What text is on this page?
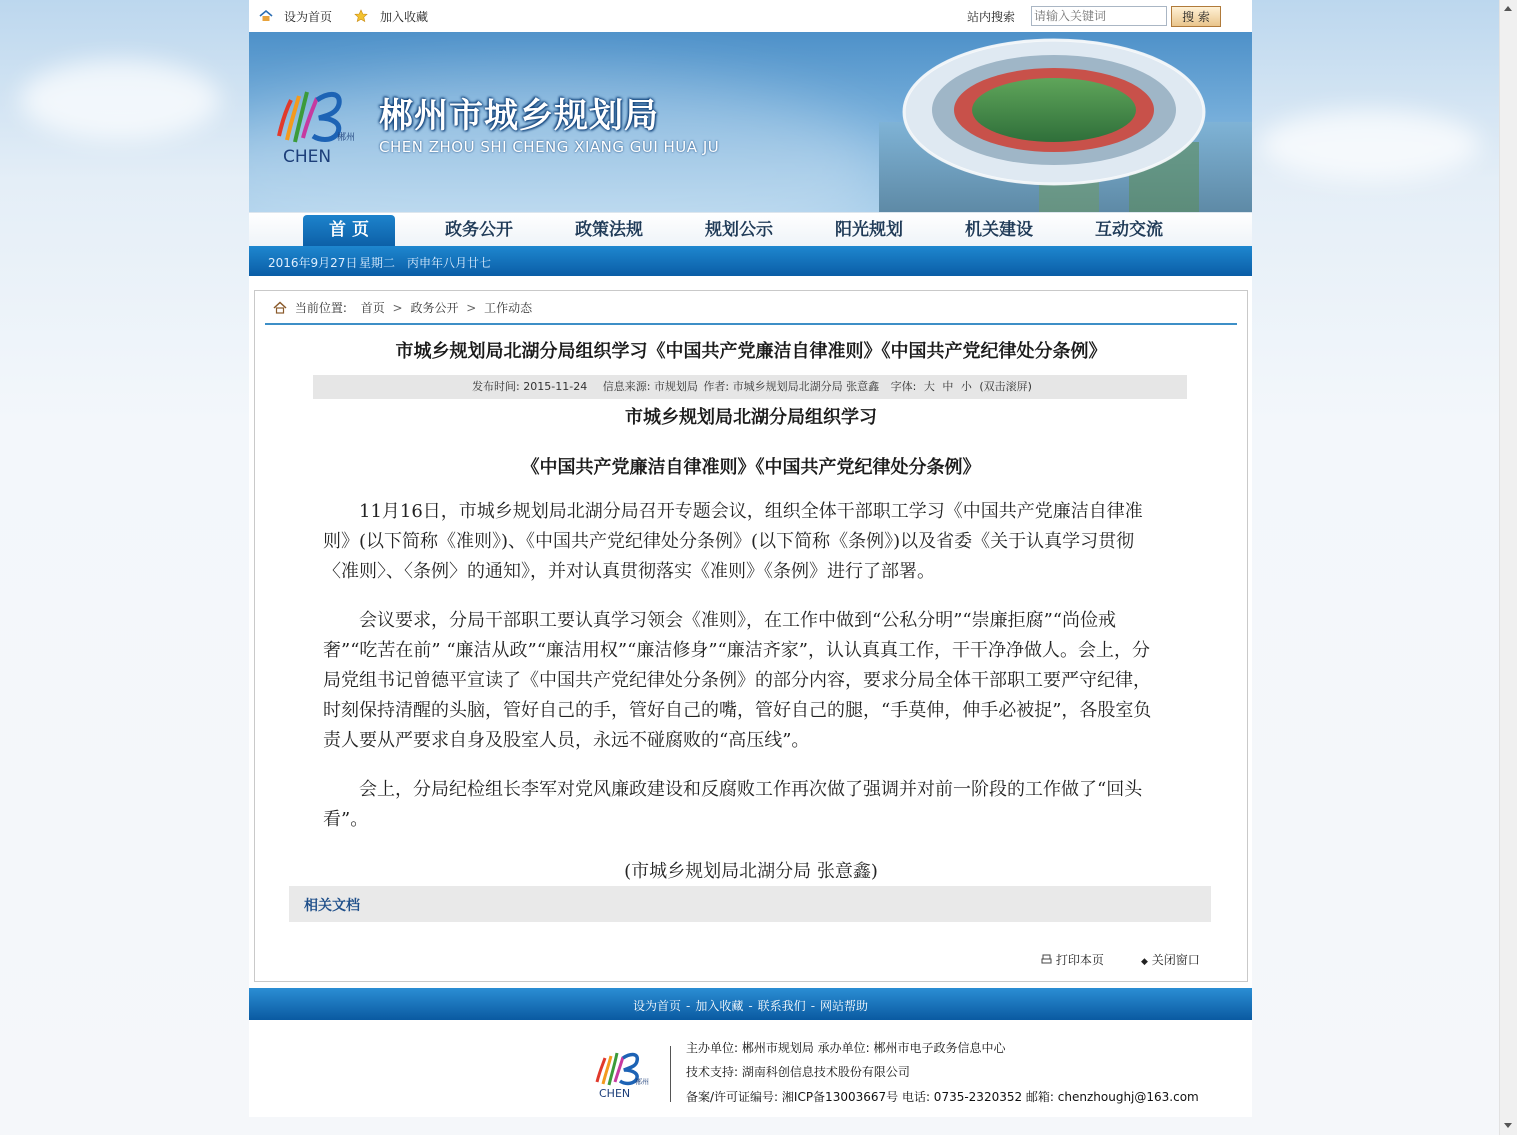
设为首页	加入收藏	站内搜索
请输入关键词	搜 索
郴州
CHEN
郴州市城乡规划局
CHEN ZHOU SHI CHENG XIANG GUI HUA JU
首 页	政务公开	政策法规	规划公示	阳光规划	机关建设	互动交流
2016年9月27日 星期二 丙申年八月廿七
当前位置: 首页 > 政务公开 > 工作动态
市城乡规划局北湖分局组织学习《中国共产党廉洁自律准则》《中国共产党纪律处分条例》
发布时间: 2015-11-24 信息来源: 市规划局 作者: 市城乡规划局北湖分局 张意鑫 字体: 大 中 小 (双击滚屏)
市城乡规划局北湖分局组织学习
《中国共产党廉洁自律准则》《中国共产党纪律处分条例》
11月16日，市城乡规划局北湖分局召开专题会议，组织全体干部职工学习《中国共产党廉洁自律准则》(以下简称《准则》)、《中国共产党纪律处分条例》(以下简称《条例》)以及省委《关于认真学习贯彻〈准则〉、〈条例〉的通知》，并对认真贯彻落实《准则》《条例》进行了部署。
会议要求，分局干部职工要认真学习领会《准则》，在工作中做到“公私分明”“崇廉拒腐”“尚俭戒奢”“吃苦在前” “廉洁从政”“廉洁用权”“廉洁修身”“廉洁齐家”，认认真真工作，干干净净做人。会上，分局党组书记曾德平宣读了《中国共产党纪律处分条例》的部分内容，要求分局全体干部职工要严守纪律，时刻保持清醒的头脑，管好自己的手，管好自己的嘴，管好自己的腿，“手莫伸，伸手必被捉”，各股室负责人要从严要求自身及股室人员，永远不碰腐败的“高压线”。
会上，分局纪检组长李军对党风廉政建设和反腐败工作再次做了强调并对前一阶段的工作做了“回头看”。
(市城乡规划局北湖分局 张意鑫)
相关文档
打印本页	◆ 关闭窗口
设为首页 - 加入收藏 - 联系我们 - 网站帮助
郴州
CHEN
主办单位: 郴州市规划局 承办单位: 郴州市电子政务信息中心
技术支持: 湖南科创信息技术股份有限公司
备案/许可证编号: 湘ICP备13003667号 电话: 0735-2320352 邮箱: chenzhoughj@163.com
